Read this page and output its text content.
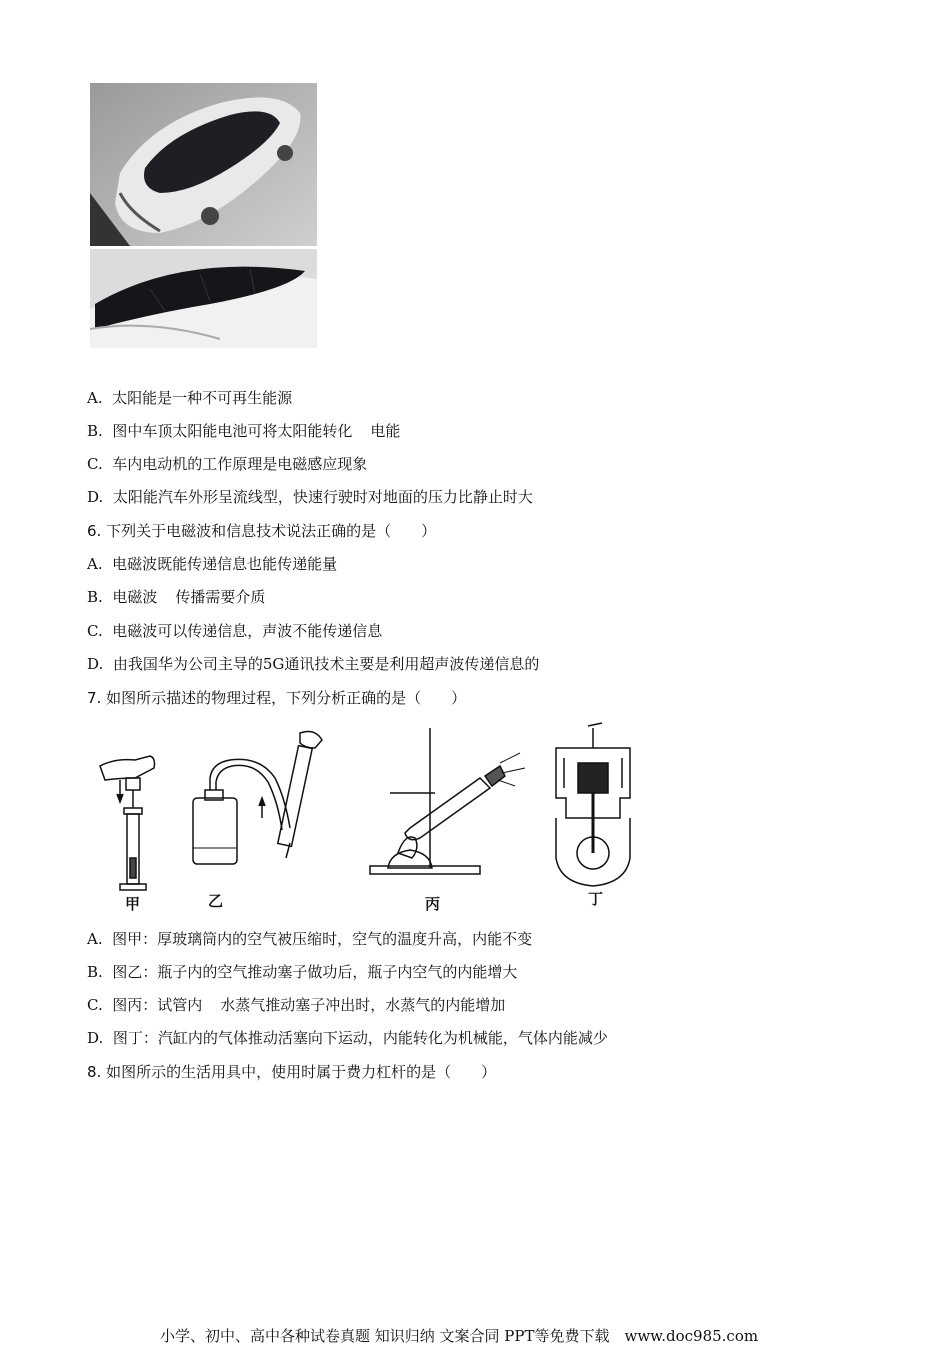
A. 太阳能是一种不可再生能源
B. 图中车顶太阳能电池可将太阳能转化 电能
C. 车内电动机的工作原理是电磁感应现象
D. 太阳能汽车外形呈流线型，快速行驶时对地面的压力比静止时大
6. 下列关于电磁波和信息技术说法正确的是（　　）
A. 电磁波既能传递信息也能传递能量
B. 电磁波 传播需要介质
C. 电磁波可以传递信息，声波不能传递信息
D. 由我国华为公司主导的5G通讯技术主要是利用超声波传递信息的
7. 如图所示描述的物理过程，下列分析正确的是（　　）
甲	乙	丙	丁
A. 图甲：厚玻璃筒内的空气被压缩时，空气的温度升高，内能不变
B. 图乙：瓶子内的空气推动塞子做功后，瓶子内空气的内能增大
C. 图丙：试管内 水蒸气推动塞子冲出时，水蒸气的内能增加
D. 图丁：汽缸内的气体推动活塞向下运动，内能转化为机械能，气体内能减少
8. 如图所示的生活用具中，使用时属于费力杠杆的是（　　）
小学、初中、高中各种试卷真题 知识归纳 文案合同 PPT等免费下载　www.doc985.com
